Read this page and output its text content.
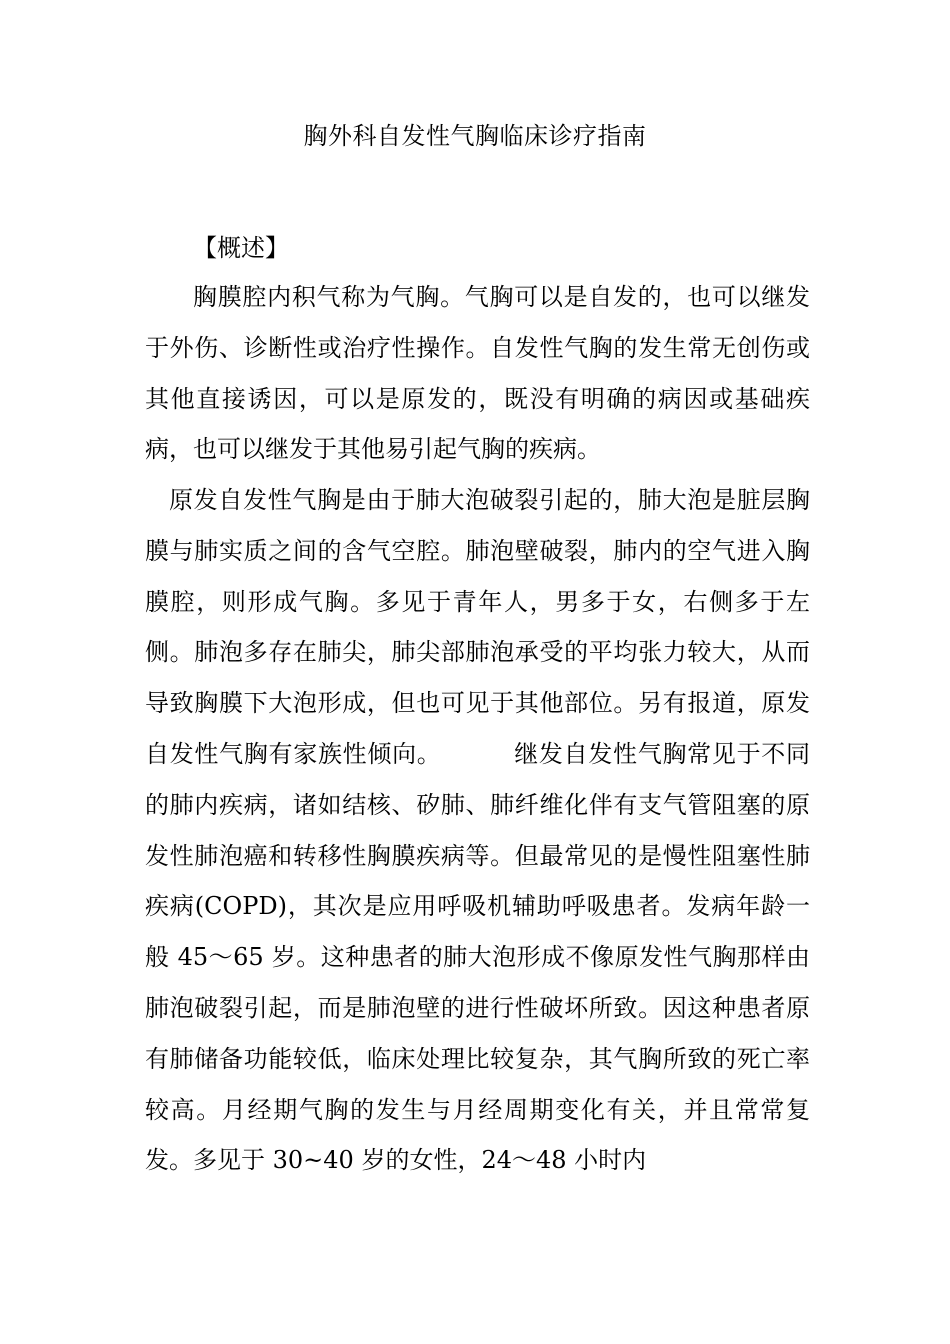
胸外科自发性气胸临床诊疗指南

【概述】

胸膜腔内积气称为气胸。气胸可以是自发的，也可以继发于外伤、诊断性或治疗性操作。自发性气胸的发生常无创伤或其他直接诱因，可以是原发的，既没有明确的病因或基础疾病，也可以继发于其他易引起气胸的疾病。

原发自发性气胸是由于肺大泡破裂引起的，肺大泡是脏层胸膜与肺实质之间的含气空腔。肺泡壁破裂，肺内的空气进入胸膜腔，则形成气胸。多见于青年人，男多于女，右侧多于左侧。肺泡多存在肺尖，肺尖部肺泡承受的平均张力较大，从而导致胸膜下大泡形成，但也可见于其他部位。另有报道，原发自发性气胸有家族性倾向。	继发自发性气胸常见于不同的肺内疾病，诸如结核、矽肺、肺纤维化伴有支气管阻塞的原发性肺泡癌和转移性胸膜疾病等。但最常见的是慢性阻塞性肺疾病(COPD)，其次是应用呼吸机辅助呼吸患者。发病年龄一般 45～65 岁。这种患者的肺大泡形成不像原发性气胸那样由肺泡破裂引起，而是肺泡壁的进行性破坏所致。因这种患者原有肺储备功能较低，临床处理比较复杂，其气胸所致的死亡率较高。月经期气胸的发生与月经周期变化有关，并且常常复发。多见于 30~40 岁的女性，24～48 小时内
